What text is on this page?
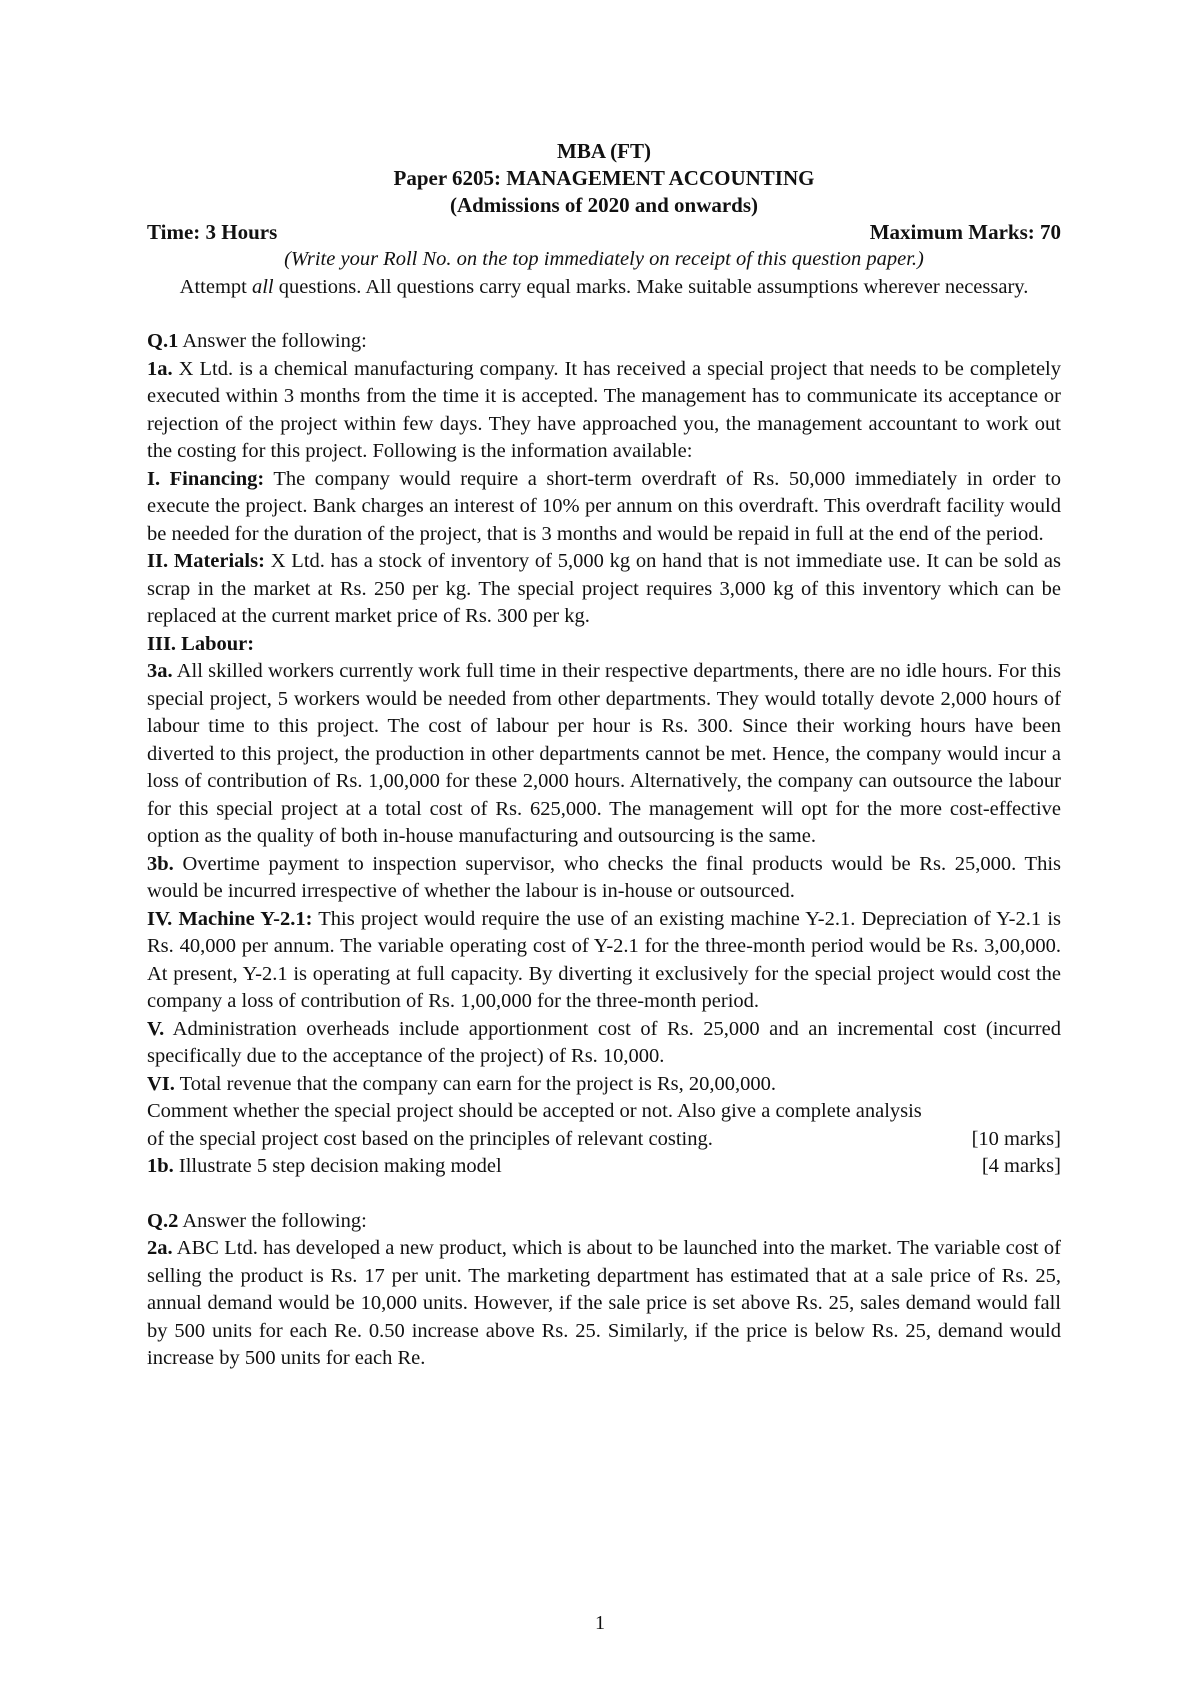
MBA (FT)
Paper 6205: MANAGEMENT ACCOUNTING
(Admissions of 2020 and onwards)
Time: 3 Hours	Maximum Marks: 70
(Write your Roll No. on the top immediately on receipt of this question paper.)
Attempt all questions. All questions carry equal marks. Make suitable assumptions wherever necessary.

Q.1 Answer the following:

1a. X Ltd. is a chemical manufacturing company. It has received a special project that needs to be completely executed within 3 months from the time it is accepted. The management has to communicate its acceptance or rejection of the project within few days. They have approached you, the management accountant to work out the costing for this project. Following is the information available:

I. Financing: The company would require a short-term overdraft of Rs. 50,000 immediately in order to execute the project. Bank charges an interest of 10% per annum on this overdraft. This overdraft facility would be needed for the duration of the project, that is 3 months and would be repaid in full at the end of the period.

II. Materials: X Ltd. has a stock of inventory of 5,000 kg on hand that is not immediate use. It can be sold as scrap in the market at Rs. 250 per kg. The special project requires 3,000 kg of this inventory which can be replaced at the current market price of Rs. 300 per kg.

III. Labour:

3a. All skilled workers currently work full time in their respective departments, there are no idle hours. For this special project, 5 workers would be needed from other departments. They would totally devote 2,000 hours of labour time to this project. The cost of labour per hour is Rs. 300. Since their working hours have been diverted to this project, the production in other departments cannot be met. Hence, the company would incur a loss of contribution of Rs. 1,00,000 for these 2,000 hours. Alternatively, the company can outsource the labour for this special project at a total cost of Rs. 625,000. The management will opt for the more cost-effective option as the quality of both in-house manufacturing and outsourcing is the same.

3b. Overtime payment to inspection supervisor, who checks the final products would be Rs. 25,000. This would be incurred irrespective of whether the labour is in-house or outsourced.

IV. Machine Y-2.1: This project would require the use of an existing machine Y-2.1. Depreciation of Y-2.1 is Rs. 40,000 per annum. The variable operating cost of Y-2.1 for the three-month period would be Rs. 3,00,000. At present, Y-2.1 is operating at full capacity. By diverting it exclusively for the special project would cost the company a loss of contribution of Rs. 1,00,000 for the three-month period.

V. Administration overheads include apportionment cost of Rs. 25,000 and an incremental cost (incurred specifically due to the acceptance of the project) of Rs. 10,000.

VI. Total revenue that the company can earn for the project is Rs, 20,00,000.

Comment whether the special project should be accepted or not. Also give a complete analysis

of the special project cost based on the principles of relevant costing.	[10 marks]
1b. Illustrate 5 step decision making model	[4 marks]

Q.2 Answer the following:

2a. ABC Ltd. has developed a new product, which is about to be launched into the market. The variable cost of selling the product is Rs. 17 per unit. The marketing department has estimated that at a sale price of Rs. 25, annual demand would be 10,000 units. However, if the sale price is set above Rs. 25, sales demand would fall by 500 units for each Re. 0.50 increase above Rs. 25. Similarly, if the price is below Rs. 25, demand would increase by 500 units for each Re.

1
